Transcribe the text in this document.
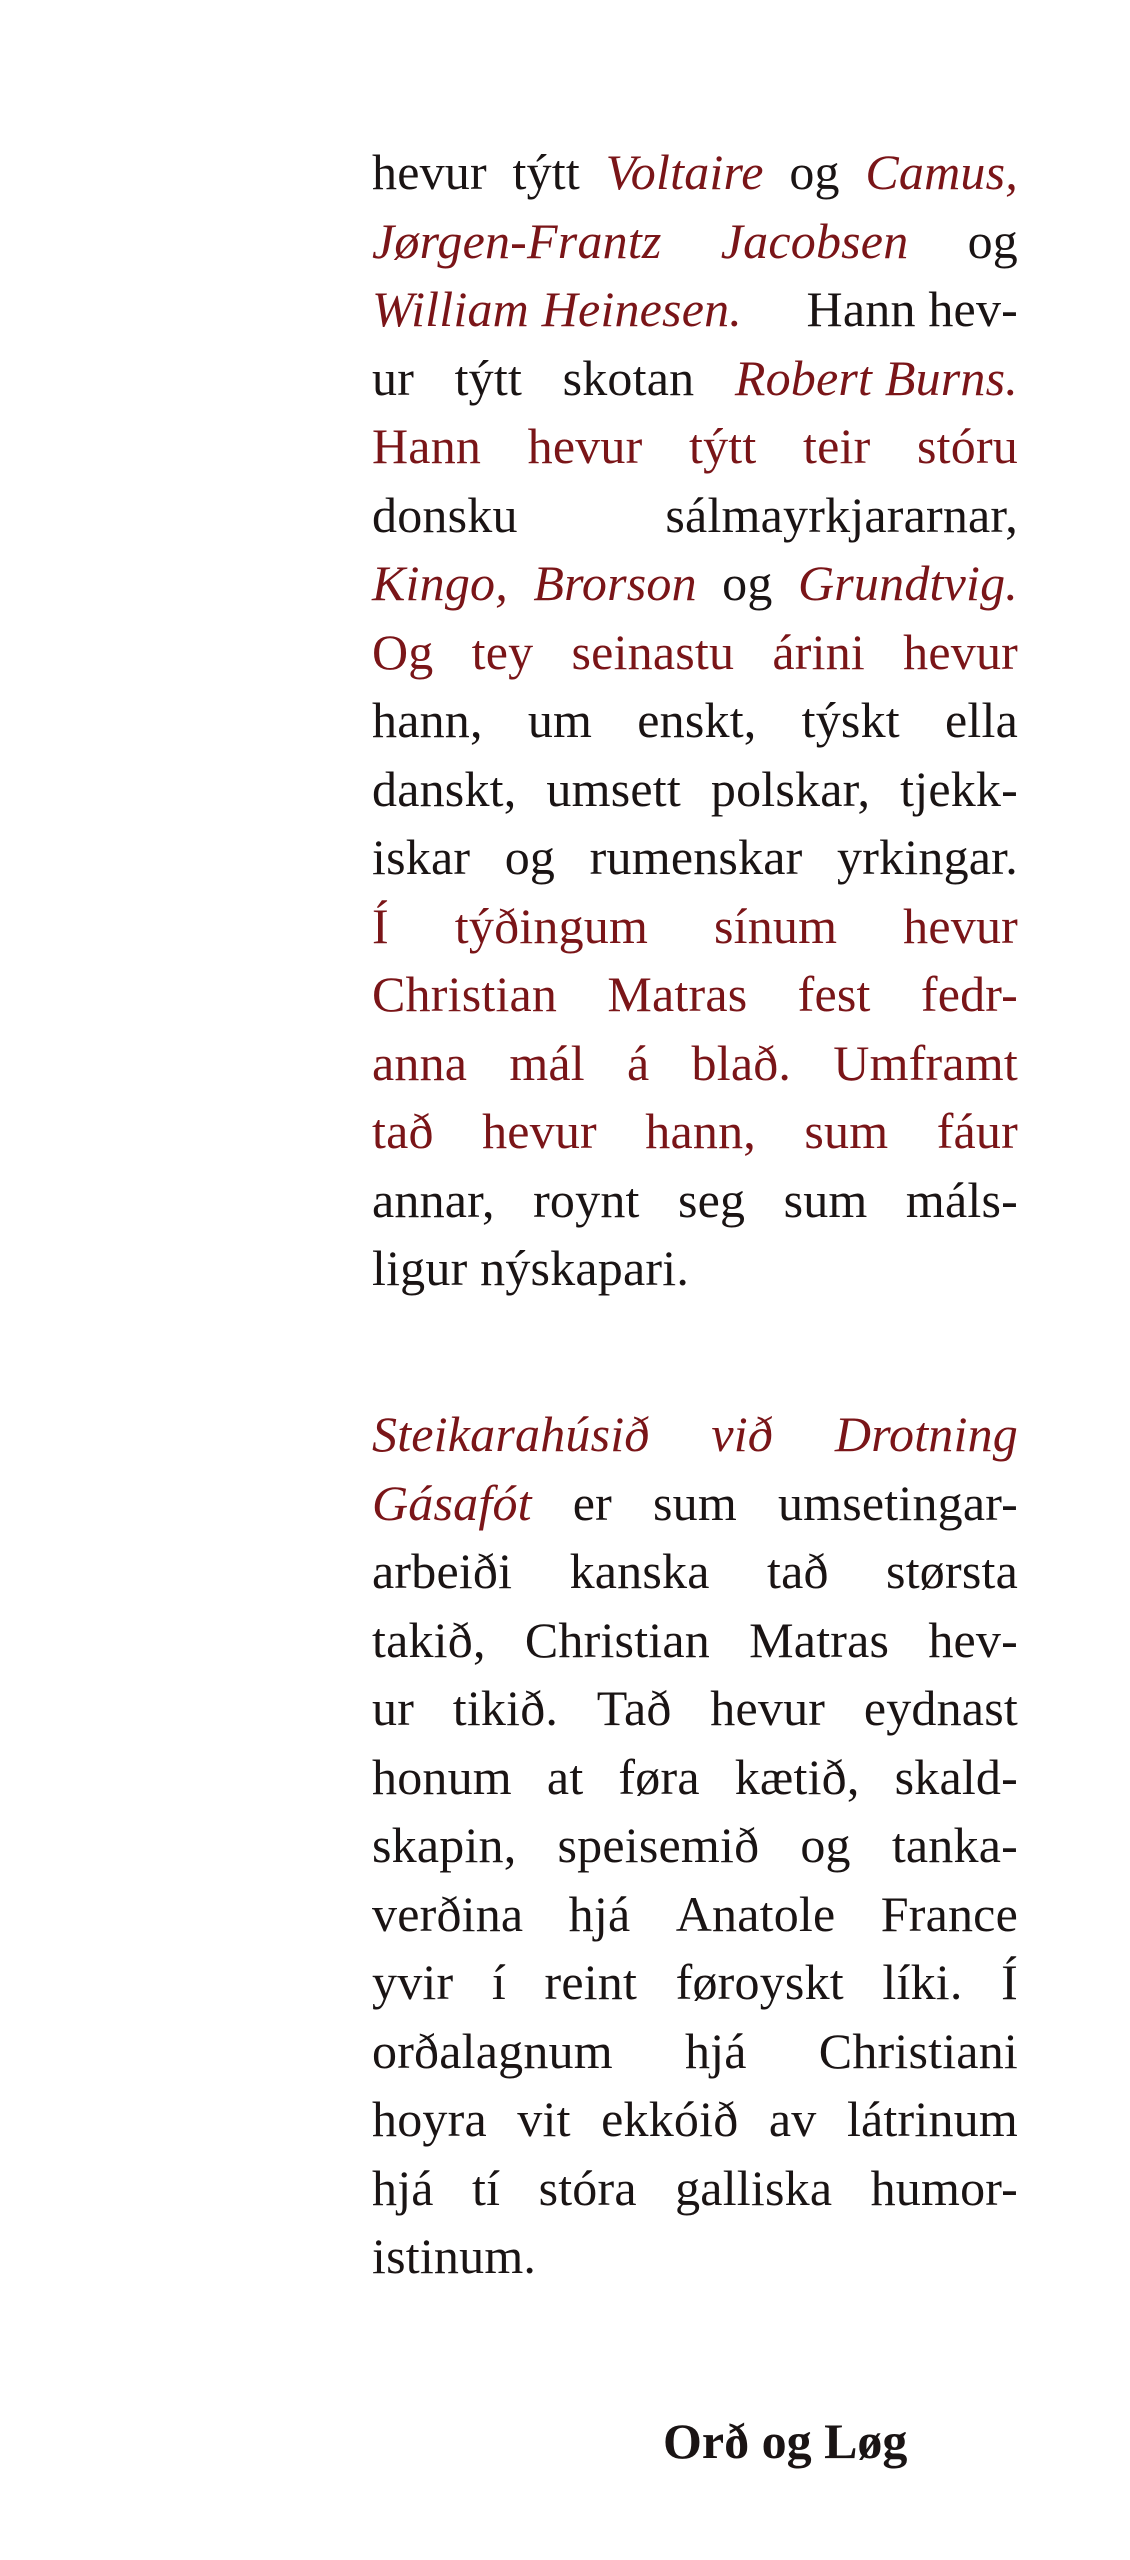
hevur týtt Voltaire og Camus,
Jørgen-Frantz Jacobsen og
William Heinesen. Hann hev-
ur týtt skotan Robert Burns.
Hann hevur týtt teir stóru
donsku	sálmayrkjararnar,
Kingo, Brorson og Grundtvig.
Og tey seinastu árini hevur
hann, um enskt, týskt ella
danskt, umsett polskar, tjekk-
iskar og rumenskar yrkingar.
Í týðingum sínum hevur
Christian Matras fest fedr-
anna mál á blað. Umframt
tað hevur hann, sum fáur
annar, roynt seg sum máls-
ligur nýskapari.
Steikarahúsið við Drotning
Gásafót er sum umsetingar-
arbeiði kanska tað størsta
takið, Christian Matras hev-
ur tikið. Tað hevur eydnast
honum at føra kætið, skald-
skapin, speisemið og tanka-
verðina hjá Anatole France
yvir í reint føroyskt líki. Í
orðalagnum hjá Christiani
hoyra vit ekkóið av látrinum
hjá tí stóra galliska humor-
istinum.
Orð og Løg
